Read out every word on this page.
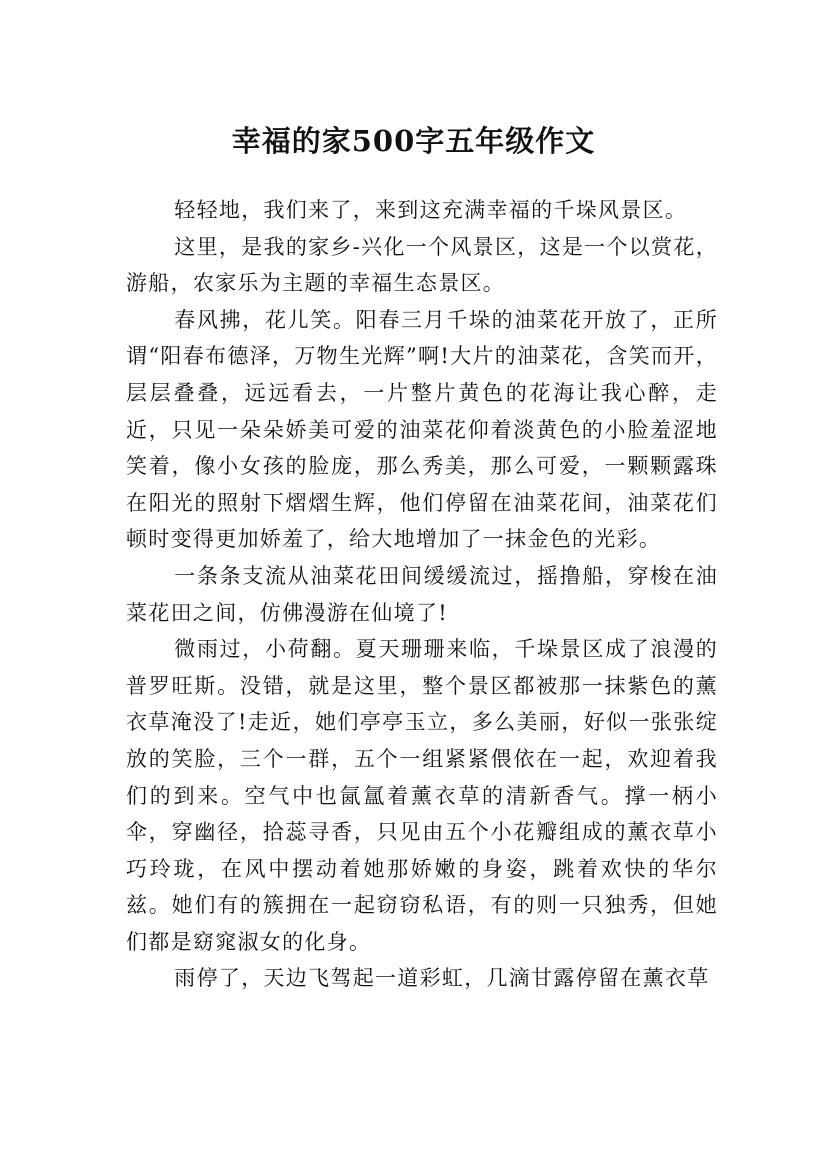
幸福的家500字五年级作文

轻轻地，我们来了，来到这充满幸福的千垛风景区。

这里，是我的家乡-兴化一个风景区，这是一个以赏花，游船，农家乐为主题的幸福生态景区。

春风拂，花儿笑。阳春三月千垛的油菜花开放了，正所谓“阳春布德泽，万物生光辉”啊!大片的油菜花，含笑而开，层层叠叠，远远看去，一片整片黄色的花海让我心醉，走近，只见一朵朵娇美可爱的油菜花仰着淡黄色的小脸羞涩地笑着，像小女孩的脸庞，那么秀美，那么可爱，一颗颗露珠在阳光的照射下熠熠生辉，他们停留在油菜花间，油菜花们顿时变得更加娇羞了，给大地增加了一抹金色的光彩。

一条条支流从油菜花田间缓缓流过，摇撸船，穿梭在油菜花田之间，仿佛漫游在仙境了!

微雨过，小荷翻。夏天珊珊来临，千垛景区成了浪漫的普罗旺斯。没错，就是这里，整个景区都被那一抹紫色的薰衣草淹没了!走近，她们亭亭玉立，多么美丽，好似一张张绽放的笑脸，三个一群，五个一组紧紧偎依在一起，欢迎着我们的到来。空气中也氤氲着薰衣草的清新香气。撑一柄小伞，穿幽径，拾蕊寻香，只见由五个小花瓣组成的薰衣草小巧玲珑，在风中摆动着她那娇嫩的身姿，跳着欢快的华尔兹。她们有的簇拥在一起窃窃私语，有的则一只独秀，但她们都是窈窕淑女的化身。

雨停了，天边飞驾起一道彩虹，几滴甘露停留在薰衣草
